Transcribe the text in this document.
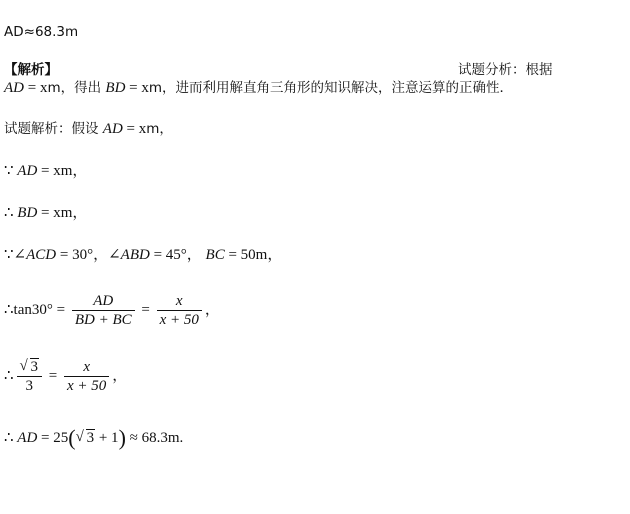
AD≈68.3m
【解析】	试题分析：根据
AD = xm，得出 BD = xm，进而利用解直角三角形的知识解决，注意运算的正确性．
试题解析：假设 AD = xm，
∵ AD = xm，
∴ BD = xm，
∵∠ACD = 30°，∠ABD = 45°， BC = 50m，
∴tan30° = $\frac{AD}{BD + BC} = \frac{x}{x + 50}$ ，
∴ √ $\frac{3}{3} = \frac{x}{x + 50}$ ，
∴ AD = 25( √ 3 + 1) ≈ 68.3m.
